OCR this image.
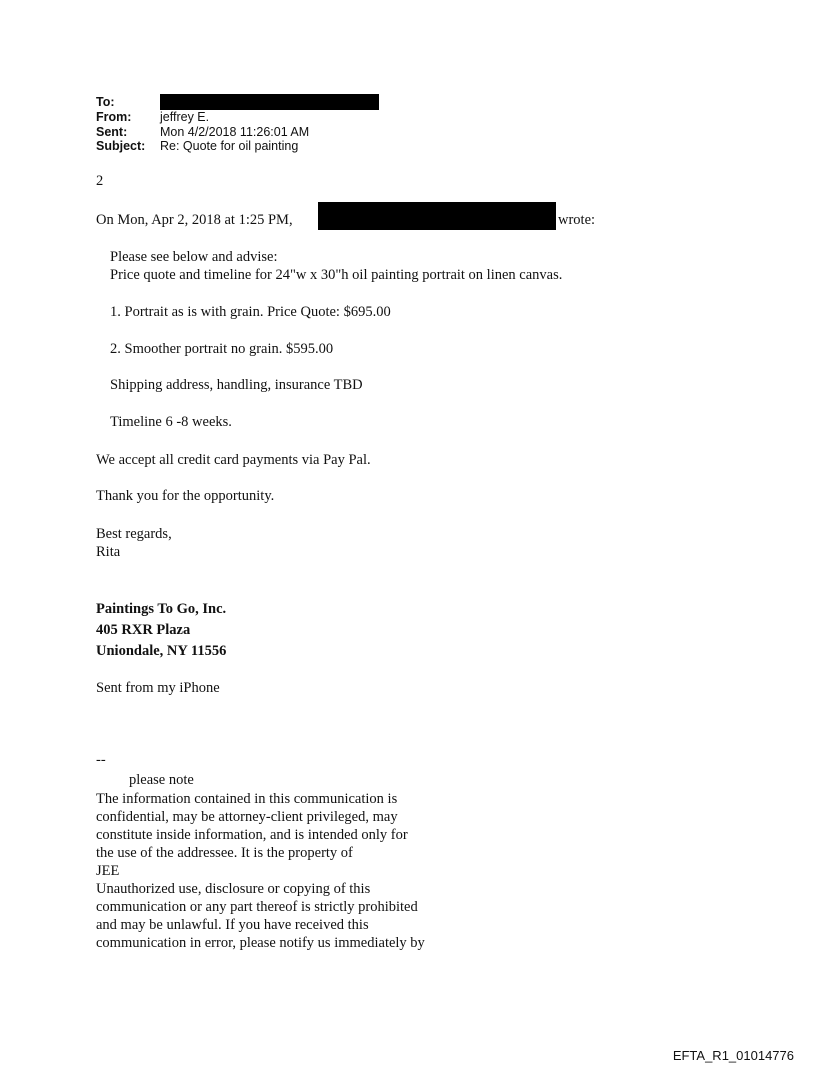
To:
From:	jeffrey E.
Sent:	Mon 4/2/2018 11:26:01 AM
Subject:	Re: Quote for oil painting
2
On Mon, Apr 2, 2018 at 1:25 PM,	wrote:
Please see below and advise:
Price quote and timeline for 24"w x 30"h oil painting portrait on linen canvas.
1. Portrait as is with grain. Price Quote: $695.00
2. Smoother portrait no grain. $595.00
Shipping address, handling, insurance TBD
Timeline 6 -8 weeks.
We accept all credit card payments via Pay Pal.
Thank you for the opportunity.
Best regards,
Rita
Paintings To Go, Inc.
405 RXR Plaza
Uniondale, NY 11556
Sent from my iPhone
--
please note
The information contained in this communication is
confidential, may be attorney-client privileged, may
constitute inside information, and is intended only for
the use of the addressee. It is the property of
JEE
Unauthorized use, disclosure or copying of this
communication or any part thereof is strictly prohibited
and may be unlawful. If you have received this
communication in error, please notify us immediately by
EFTA_R1_01014776
